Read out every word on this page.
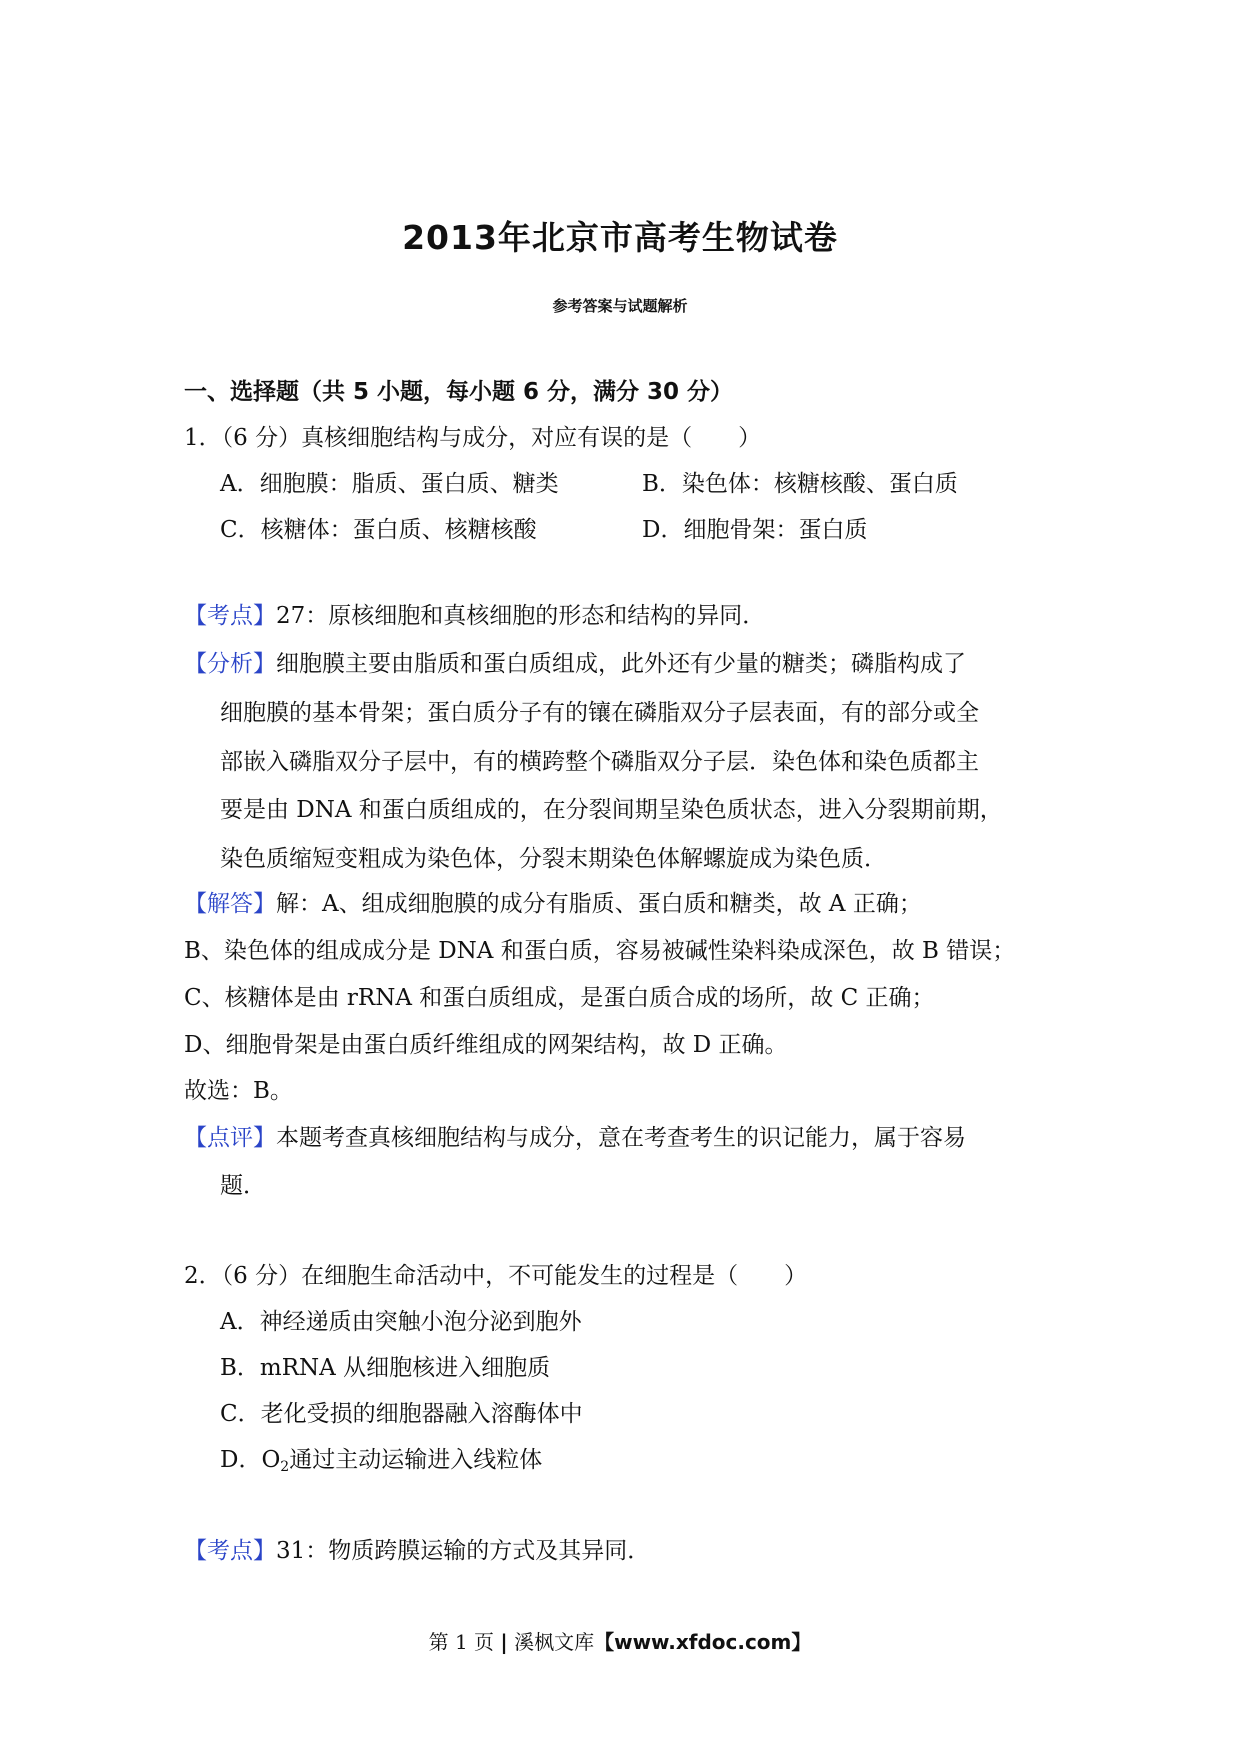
2013年北京市高考生物试卷
参考答案与试题解析
一、选择题（共 5 小题，每小题 6 分，满分 30 分）
1．（6 分）真核细胞结构与成分，对应有误的是（　　）
A．细胞膜：脂质、蛋白质、糖类	B．染色体：核糖核酸、蛋白质
C．核糖体：蛋白质、核糖核酸	D．细胞骨架：蛋白质
【考点】27：原核细胞和真核细胞的形态和结构的异同．
【分析】细胞膜主要由脂质和蛋白质组成，此外还有少量的糖类；磷脂构成了
细胞膜的基本骨架；蛋白质分子有的镶在磷脂双分子层表面，有的部分或全
部嵌入磷脂双分子层中，有的横跨整个磷脂双分子层．染色体和染色质都主
要是由 DNA 和蛋白质组成的，在分裂间期呈染色质状态，进入分裂期前期，
染色质缩短变粗成为染色体，分裂末期染色体解螺旋成为染色质．
【解答】解：A、组成细胞膜的成分有脂质、蛋白质和糖类，故 A 正确；
B、染色体的组成成分是 DNA 和蛋白质，容易被碱性染料染成深色，故 B 错误；
C、核糖体是由 rRNA 和蛋白质组成，是蛋白质合成的场所，故 C 正确；
D、细胞骨架是由蛋白质纤维组成的网架结构，故 D 正确。
故选：B。
【点评】本题考查真核细胞结构与成分，意在考查考生的识记能力，属于容易
题．
2．（6 分）在细胞生命活动中，不可能发生的过程是（　　）
A．神经递质由突触小泡分泌到胞外
B．mRNA 从细胞核进入细胞质
C．老化受损的细胞器融入溶酶体中
D．$O_2$通过主动运输进入线粒体
【考点】31：物质跨膜运输的方式及其异同．
第 1 页 | 溪枫文库【www.xfdoc.com】
